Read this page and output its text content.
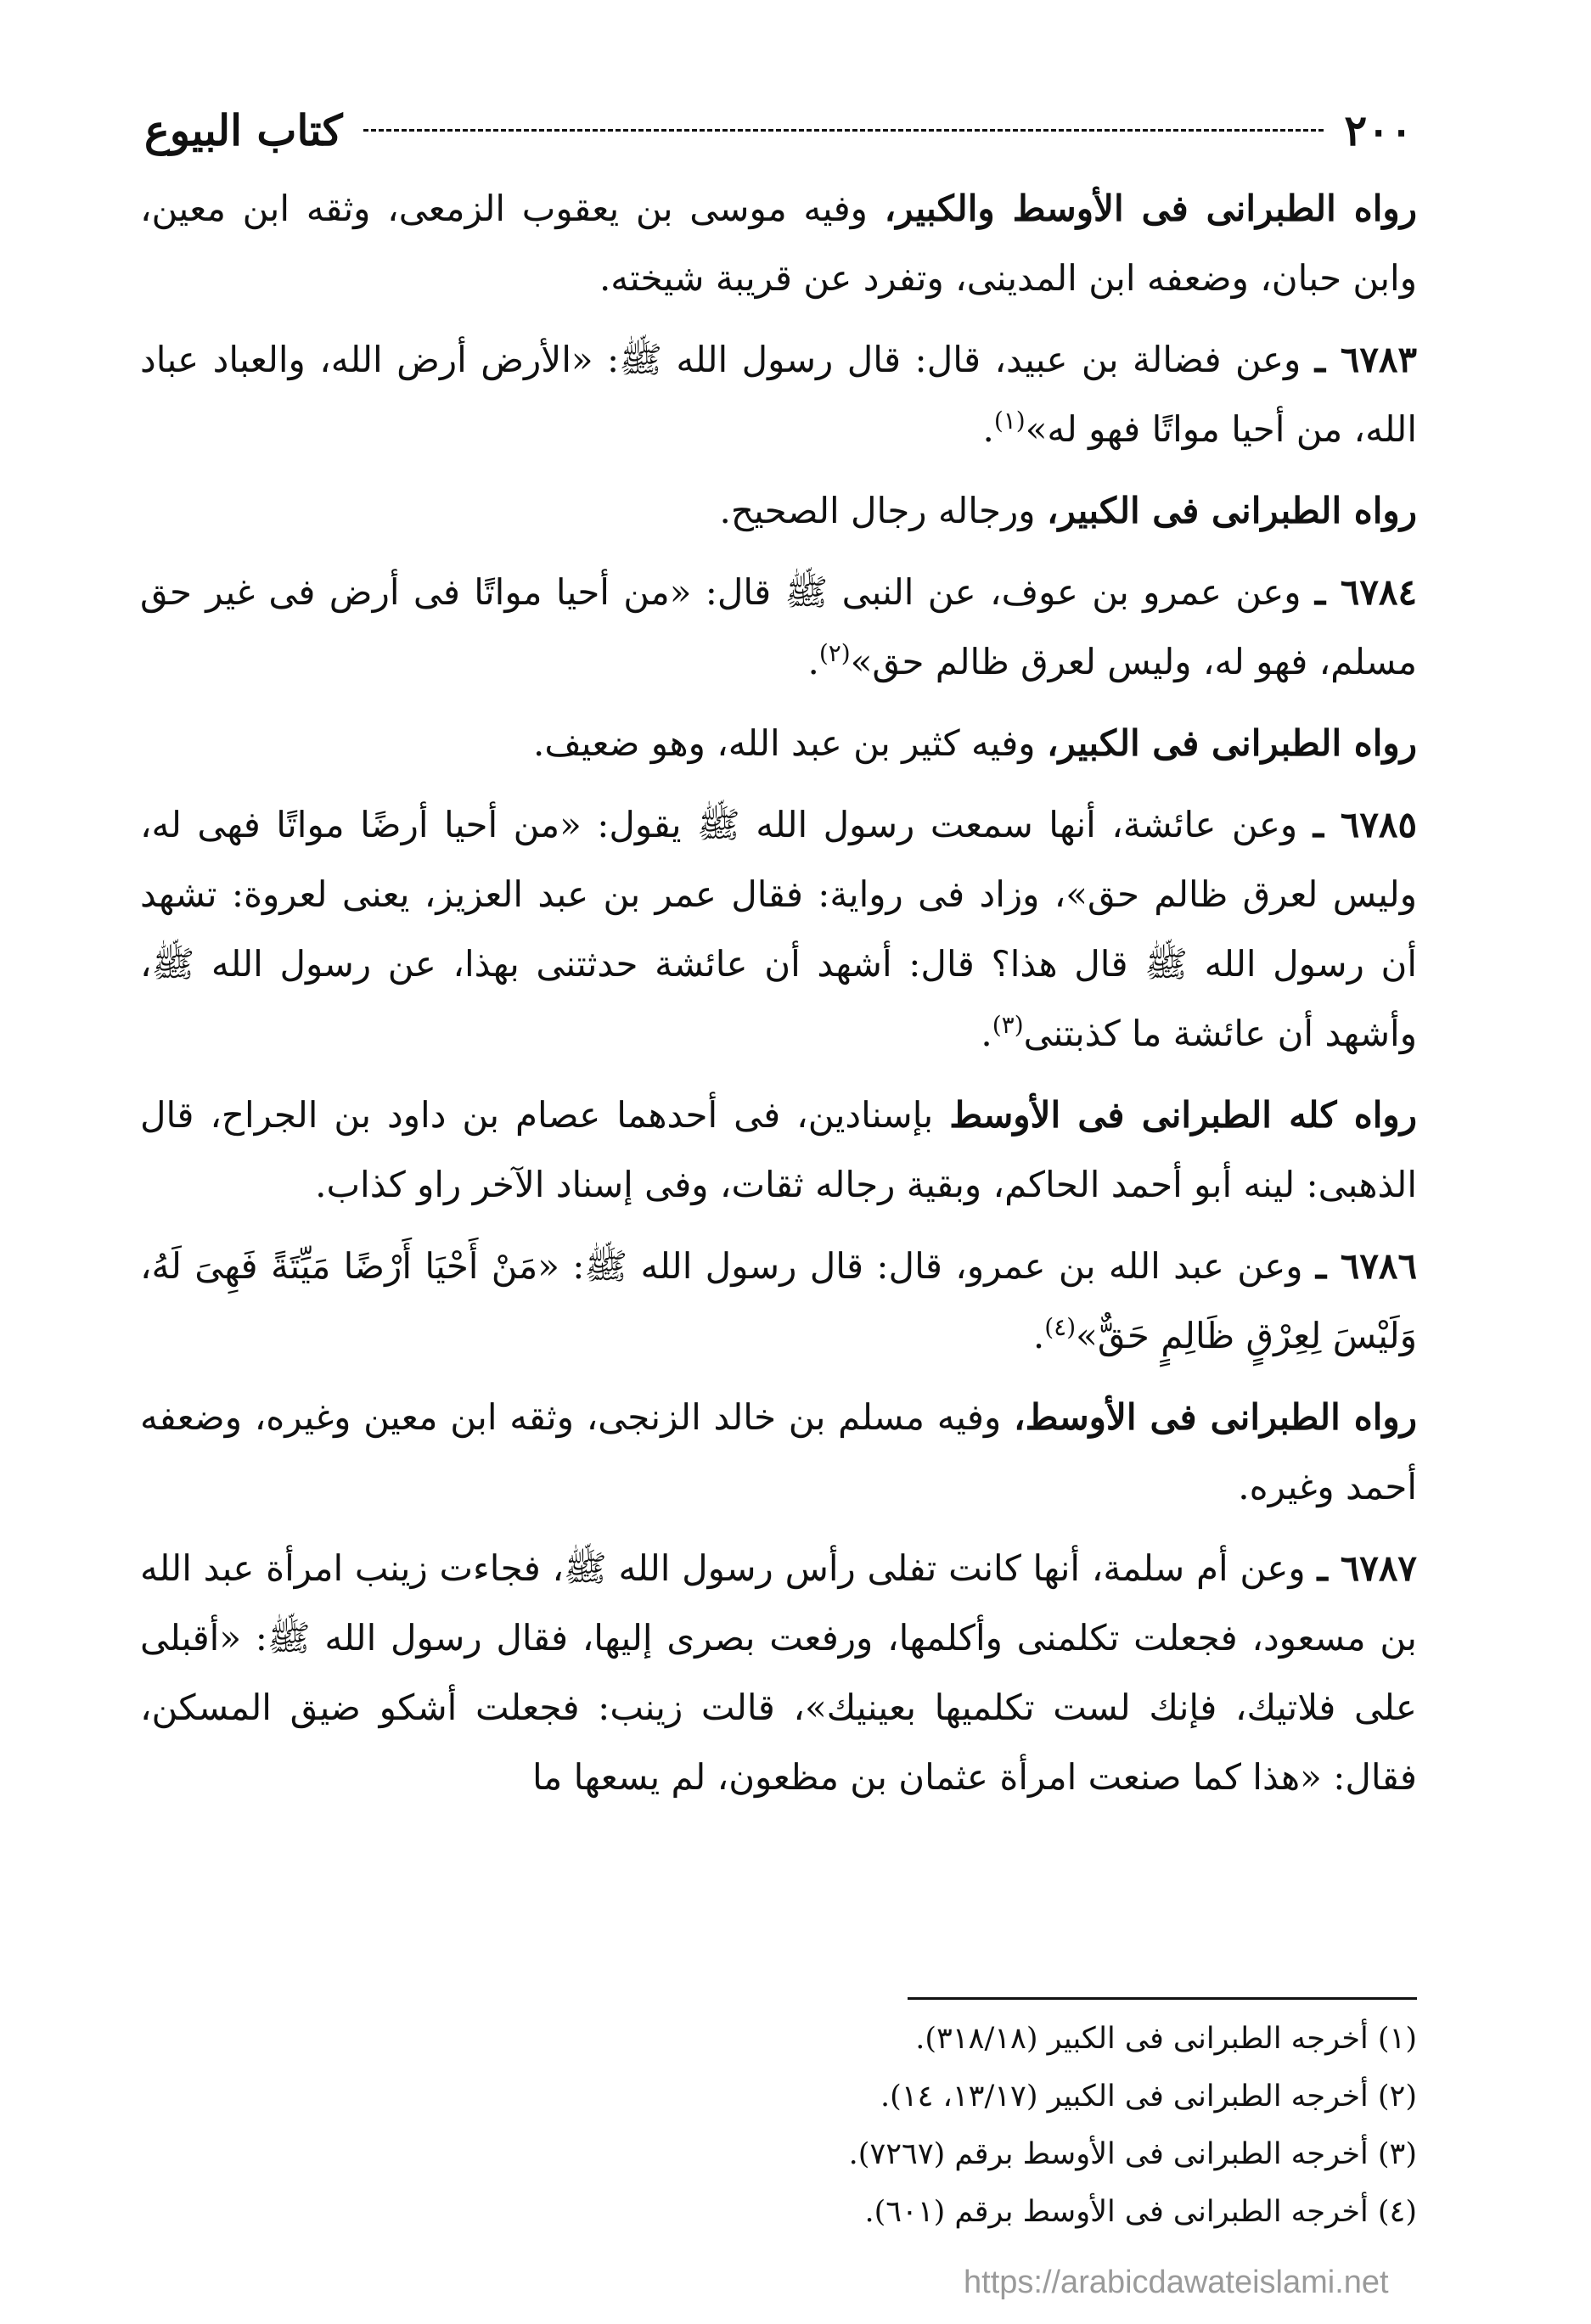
٢٠٠
كتاب البيوع

رواه الطبرانى فى الأوسط والكبير، وفيه موسى بن يعقوب الزمعى، وثقه ابن معين، وابن حبان، وضعفه ابن المدينى، وتفرد عن قريبة شيخته.

٦٧٨٣ ـ وعن فضالة بن عبيد، قال: قال رسول الله ﷺ: «الأرض أرض الله، والعباد عباد الله، من أحيا مواتًا فهو له»$^{(١)}$.

رواه الطبرانى فى الكبير، ورجاله رجال الصحيح.

٦٧٨٤ ـ وعن عمرو بن عوف، عن النبى ﷺ قال: «من أحيا مواتًا فى أرض فى غير حق مسلم، فهو له، وليس لعرق ظالم حق»$^{(٢)}$.

رواه الطبرانى فى الكبير، وفيه كثير بن عبد الله، وهو ضعيف.

٦٧٨٥ ـ وعن عائشة، أنها سمعت رسول الله ﷺ يقول: «من أحيا أرضًا مواتًا فهى له، وليس لعرق ظالم حق»، وزاد فى رواية: فقال عمر بن عبد العزيز، يعنى لعروة: تشهد أن رسول الله ﷺ قال هذا؟ قال: أشهد أن عائشة حدثتنى بهذا، عن رسول الله ﷺ، وأشهد أن عائشة ما كذبتنى$^{(٣)}$.

رواه كله الطبرانى فى الأوسط بإسنادين، فى أحدهما عصام بن داود بن الجراح، قال الذهبى: لينه أبو أحمد الحاكم، وبقية رجاله ثقات، وفى إسناد الآخر راو كذاب.

٦٧٨٦ ـ وعن عبد الله بن عمرو، قال: قال رسول الله ﷺ: «مَنْ أَحْيَا أَرْضًا مَيِّتَةً فَهِىَ لَهُ، وَلَيْسَ لِعِرْقٍ ظَالِمٍ حَقٌّ»$^{(٤)}$.

رواه الطبرانى فى الأوسط، وفيه مسلم بن خالد الزنجى، وثقه ابن معين وغيره، وضعفه أحمد وغيره.

٦٧٨٧ ـ وعن أم سلمة، أنها كانت تفلى رأس رسول الله ﷺ، فجاءت زينب امرأة عبد الله بن مسعود، فجعلت تكلمنى وأكلمها، ورفعت بصرى إليها، فقال رسول الله ﷺ: «أقبلى على فلاتيك، فإنك لست تكلميها بعينيك»، قالت زينب: فجعلت أشكو ضيق المسكن، فقال: «هذا كما صنعت امرأة عثمان بن مظعون، لم يسعها ما

(١) أخرجه الطبرانى فى الكبير (٣١٨/١٨).

(٢) أخرجه الطبرانى فى الكبير (١٣/١٧، ١٤).

(٣) أخرجه الطبرانى فى الأوسط برقم (٧٢٦٧).

(٤) أخرجه الطبرانى فى الأوسط برقم (٦٠١).

https://arabicdawateislami.net
